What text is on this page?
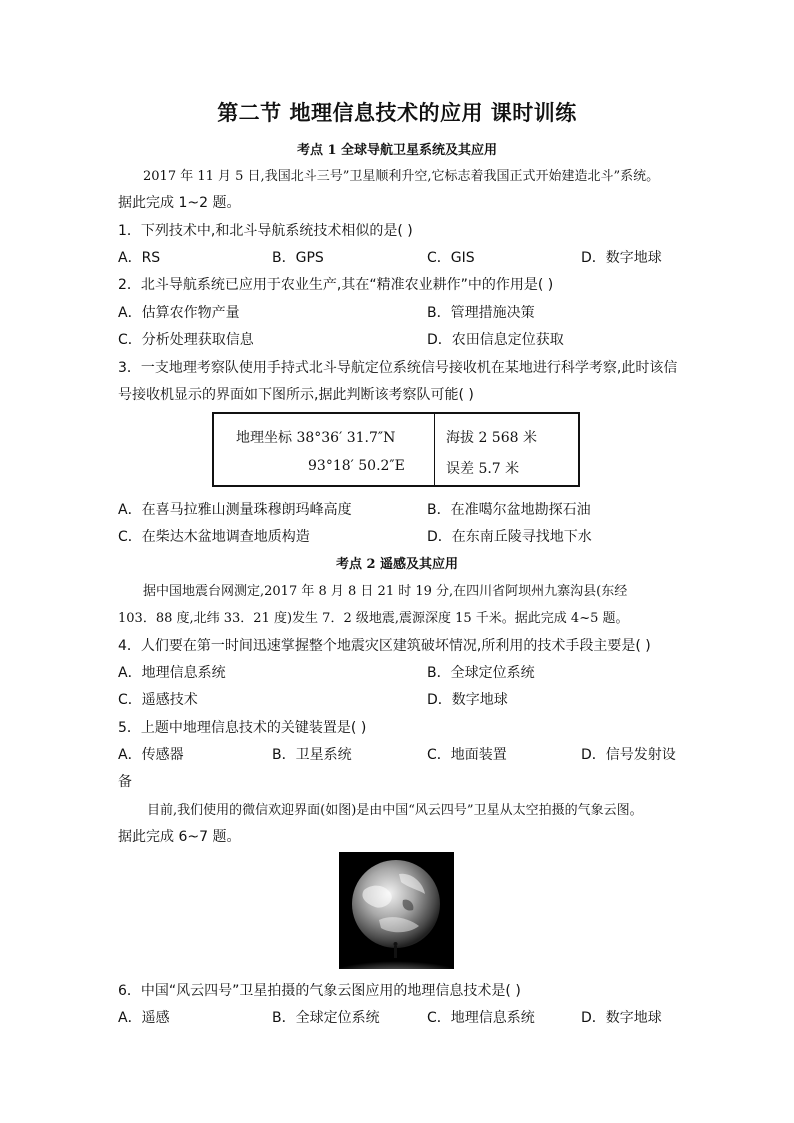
第二节 地理信息技术的应用 课时训练
考点 1 全球导航卫星系统及其应用
2017 年 11 月 5 日,我国北斗三号”卫星顺利升空,它标志着我国正式开始建造北斗”系统。
据此完成 1~2 题。
1．下列技术中,和北斗导航系统技术相似的是( )
A．RS	B．GPS	C．GIS	D．数字地球
2．北斗导航系统已应用于农业生产,其在“精准农业耕作”中的作用是( )
A．估算农作物产量	B．管理措施决策
C．分析处理获取信息	D．农田信息定位获取
3．一支地理考察队使用手持式北斗导航定位系统信号接收机在某地进行科学考察,此时该信
号接收机显示的界面如下图所示,据此判断该考察队可能( )
地理坐标 38°36′ 31.7″N
93°18′ 50.2″E
海拔 2 568 米
误差 5.7 米
A．在喜马拉雅山测量珠穆朗玛峰高度	B．在准噶尔盆地勘探石油
C．在柴达木盆地调查地质构造	D．在东南丘陵寻找地下水
考点 2 遥感及其应用
据中国地震台网测定,2017 年 8 月 8 日 21 时 19 分,在四川省阿坝州九寨沟县(东经
103．88 度,北纬 33．21 度)发生 7．2 级地震,震源深度 15 千米。据此完成 4~5 题。
4．人们要在第一时间迅速掌握整个地震灾区建筑破坏情况,所利用的技术手段主要是( )
A．地理信息系统	B．全球定位系统
C．遥感技术	D．数字地球
5．上题中地理信息技术的关键装置是( )
A．传感器	B．卫星系统	C．地面装置	D．信号发射设
备
目前,我们使用的微信欢迎界面(如图)是由中国“风云四号”卫星从太空拍摄的气象云图。
据此完成 6~7 题。
6．中国“风云四号”卫星拍摄的气象云图应用的地理信息技术是( )
A．遥感	B．全球定位系统	C．地理信息系统	D．数字地球
